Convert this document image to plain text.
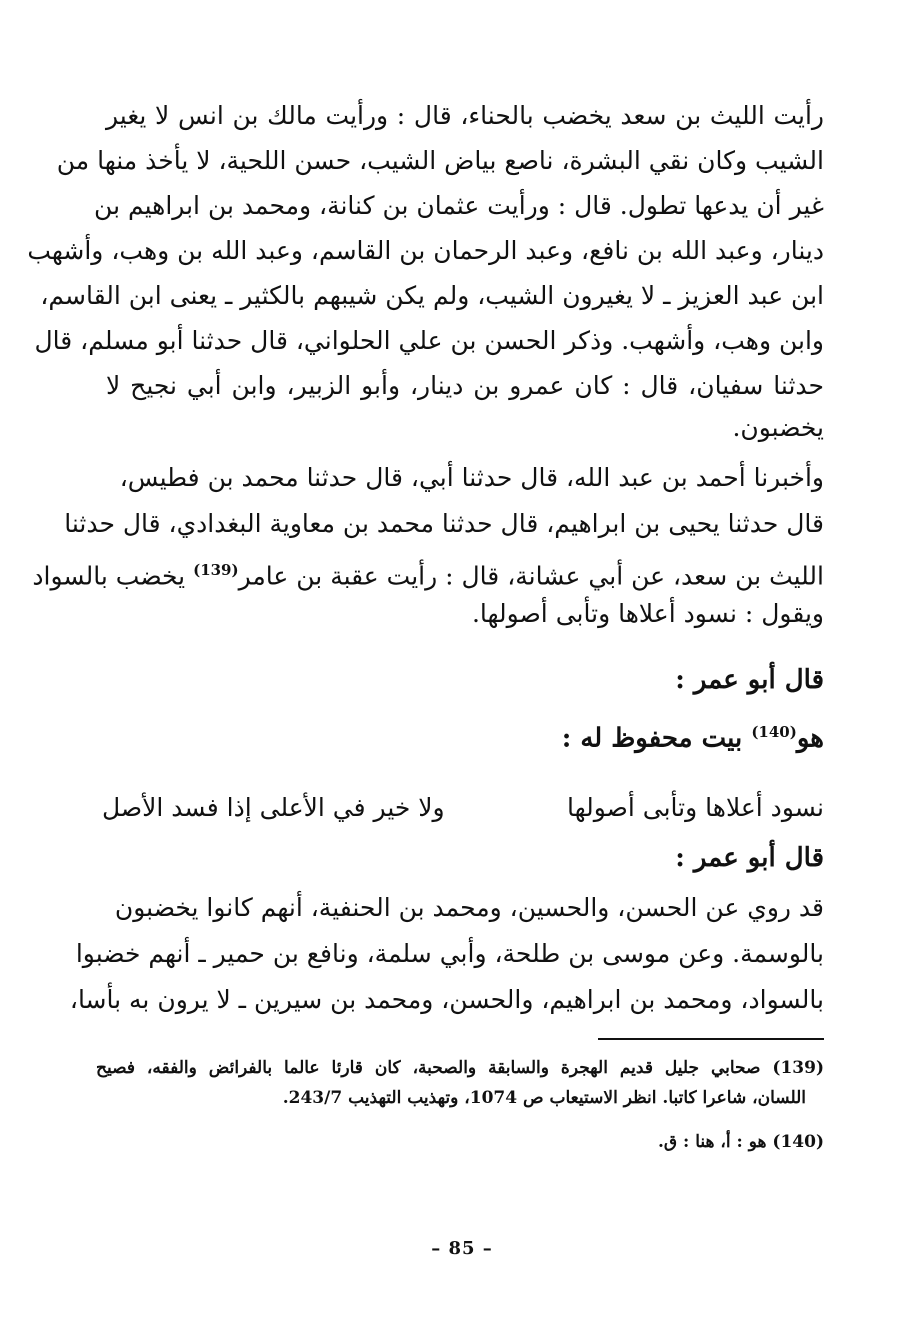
رأيت الليث بن سعد يخضب بالحناء، قال : ورأيت مالك بن انس لا يغير
الشيب وكان نقي البشرة، ناصع بياض الشيب، حسن اللحية، لا يأخذ منها من
غير أن يدعها تطول. قال : ورأيت عثمان بن كنانة، ومحمد بن ابراهيم بن
دينار، وعبد الله بن نافع، وعبد الرحمان بن القاسم، وعبد الله بن وهب، وأشهب
ابن عبد العزيز ـ لا يغيرون الشيب، ولم يكن شيبهم بالكثير ـ يعنى ابن القاسم،
وابن وهب، وأشهب. وذكر الحسن بن علي الحلواني، قال حدثنا أبو مسلم، قال
حدثنا سفيان، قال : كان عمرو بن دينار، وأبو الزبير، وابن أبي نجيح لا
يخضبون.
وأخبرنا أحمد بن عبد الله، قال حدثنا أبي، قال حدثنا محمد بن فطيس،
قال حدثنا يحيى بن ابراهيم، قال حدثنا محمد بن معاوية البغدادي، قال حدثنا
الليث بن سعد، عن أبي عشانة، قال : رأيت عقبة بن عامر$^{(139)}$ يخضب بالسواد
ويقول : نسود أعلاها وتأبى أصولها.
قال أبو عمر :
هو$^{(140)}$ بيت محفوظ له :
نسود أعلاها وتأبى أصولها
ولا خير في الأعلى إذا فسد الأصل
قال أبو عمر :
قد روي عن الحسن، والحسين، ومحمد بن الحنفية، أنهم كانوا يخضبون
بالوسمة. وعن موسى بن طلحة، وأبي سلمة، ونافع بن حمير ـ أنهم خضبوا
بالسواد، ومحمد بن ابراهيم، والحسن، ومحمد بن سيرين ـ لا يرون به بأسا،
(139) صحابي جليل قديم الهجرة والسابقة والصحبة، كان قارئا عالما بالفرائض والفقه، فصيح
اللسان، شاعرا كاتبا. انظر الاستيعاب ص 1074، وتهذيب التهذيب 243/7.
(140) هو : أ، هنا : ق.
– 85 –
